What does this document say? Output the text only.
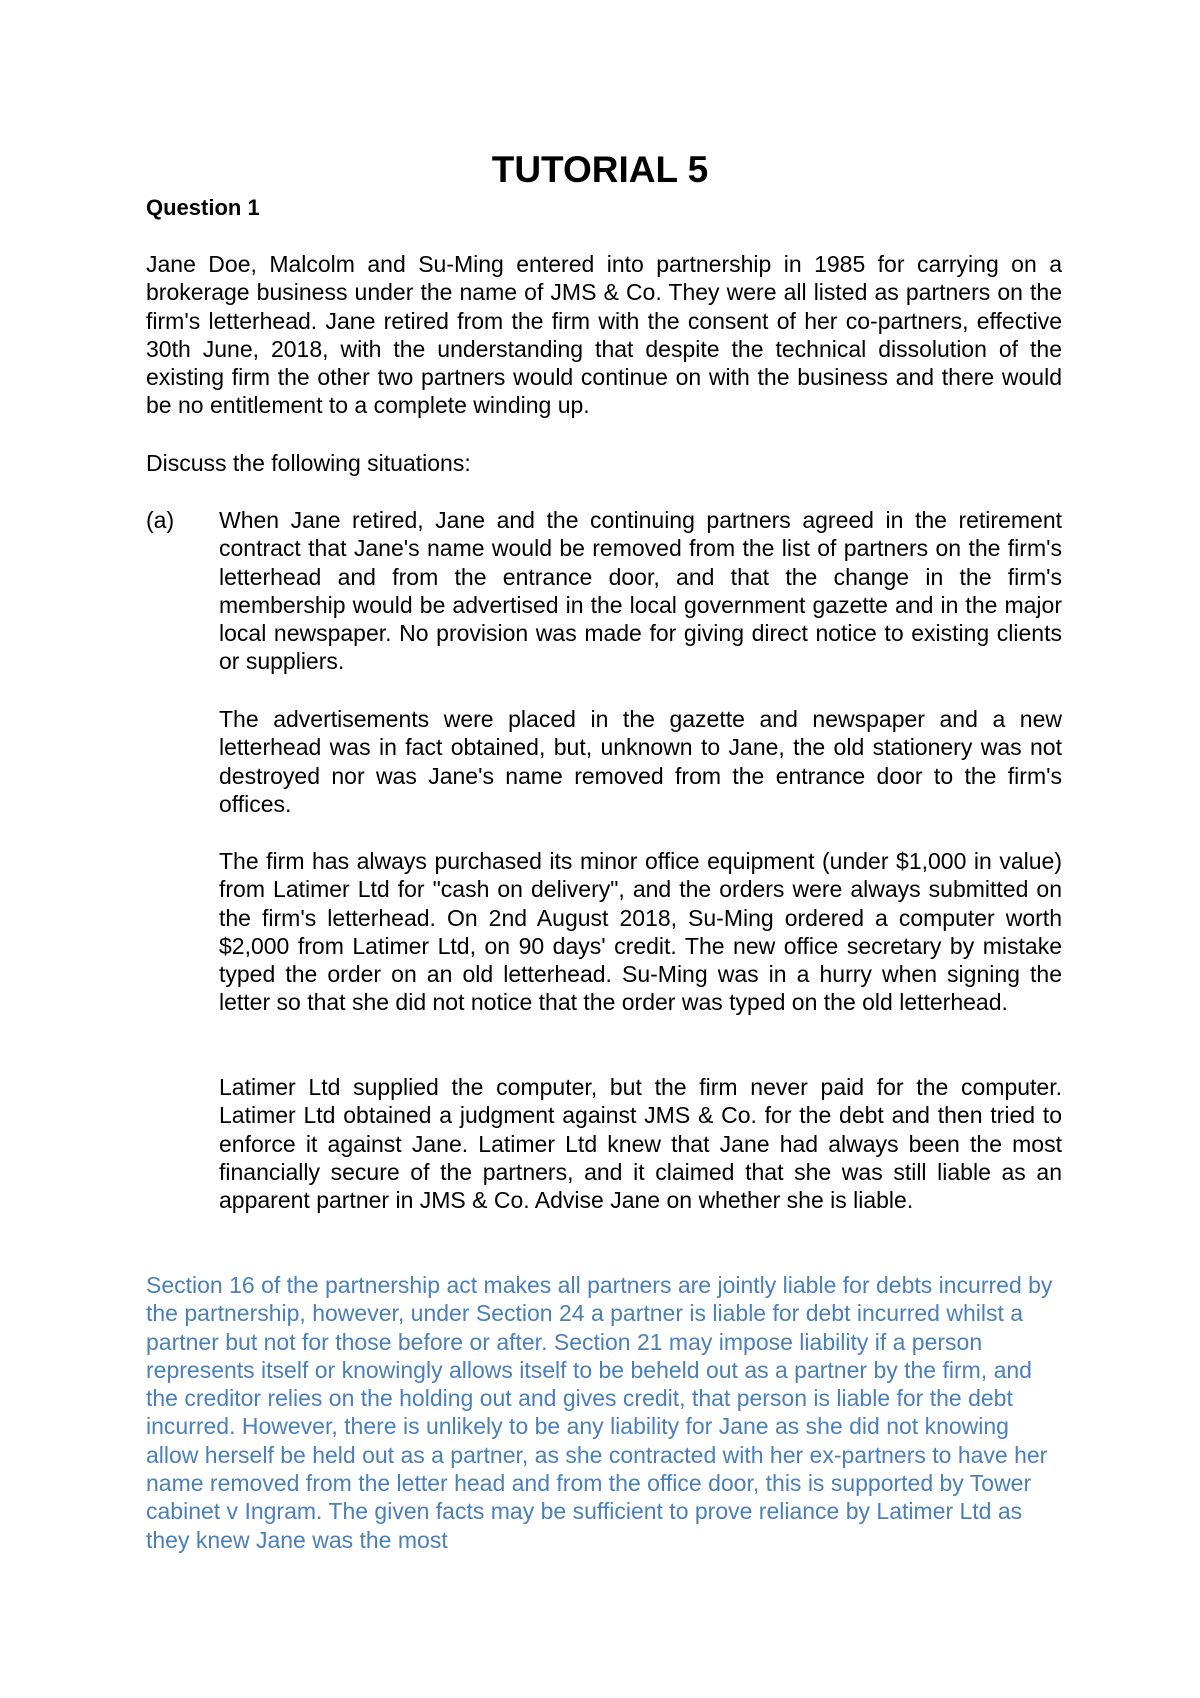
TUTORIAL 5
Question 1
Jane Doe, Malcolm and Su-Ming entered into partnership in 1985 for carrying on a brokerage business under the name of JMS & Co. They were all listed as partners on the firm's letterhead. Jane retired from the firm with the consent of her co-partners, effective 30th June, 2018, with the understanding that despite the technical dissolution of the existing firm the other two partners would continue on with the business and there would be no entitlement to a complete winding up.
Discuss the following situations:
(a) When Jane retired, Jane and the continuing partners agreed in the retirement contract that Jane's name would be removed from the list of partners on the firm's letterhead and from the entrance door, and that the change in the firm's membership would be advertised in the local government gazette and in the major local newspaper. No provision was made for giving direct notice to existing clients or suppliers.
The advertisements were placed in the gazette and newspaper and a new letterhead was in fact obtained, but, unknown to Jane, the old stationery was not destroyed nor was Jane's name removed from the entrance door to the firm's offices.
The firm has always purchased its minor office equipment (under $1,000 in value) from Latimer Ltd for "cash on delivery", and the orders were always submitted on the firm's letterhead. On 2nd August 2018, Su-Ming ordered a computer worth $2,000 from Latimer Ltd, on 90 days' credit. The new office secretary by mistake typed the order on an old letterhead. Su-Ming was in a hurry when signing the letter so that she did not notice that the order was typed on the old letterhead.
Latimer Ltd supplied the computer, but the firm never paid for the computer. Latimer Ltd obtained a judgment against JMS & Co. for the debt and then tried to enforce it against Jane. Latimer Ltd knew that Jane had always been the most financially secure of the partners, and it claimed that she was still liable as an apparent partner in JMS & Co. Advise Jane on whether she is liable.
Section 16 of the partnership act makes all partners are jointly liable for debts incurred by the partnership, however, under Section 24 a partner is liable for debt incurred whilst a partner but not for those before or after. Section 21 may impose liability if a person represents itself or knowingly allows itself to be beheld out as a partner by the firm, and the creditor relies on the holding out and gives credit, that person is liable for the debt incurred. However, there is unlikely to be any liability for Jane as she did not knowing allow herself be held out as a partner, as she contracted with her ex-partners to have her name removed from the letter head and from the office door, this is supported by Tower cabinet v Ingram. The given facts may be sufficient to prove reliance by Latimer Ltd as they knew Jane was the most
